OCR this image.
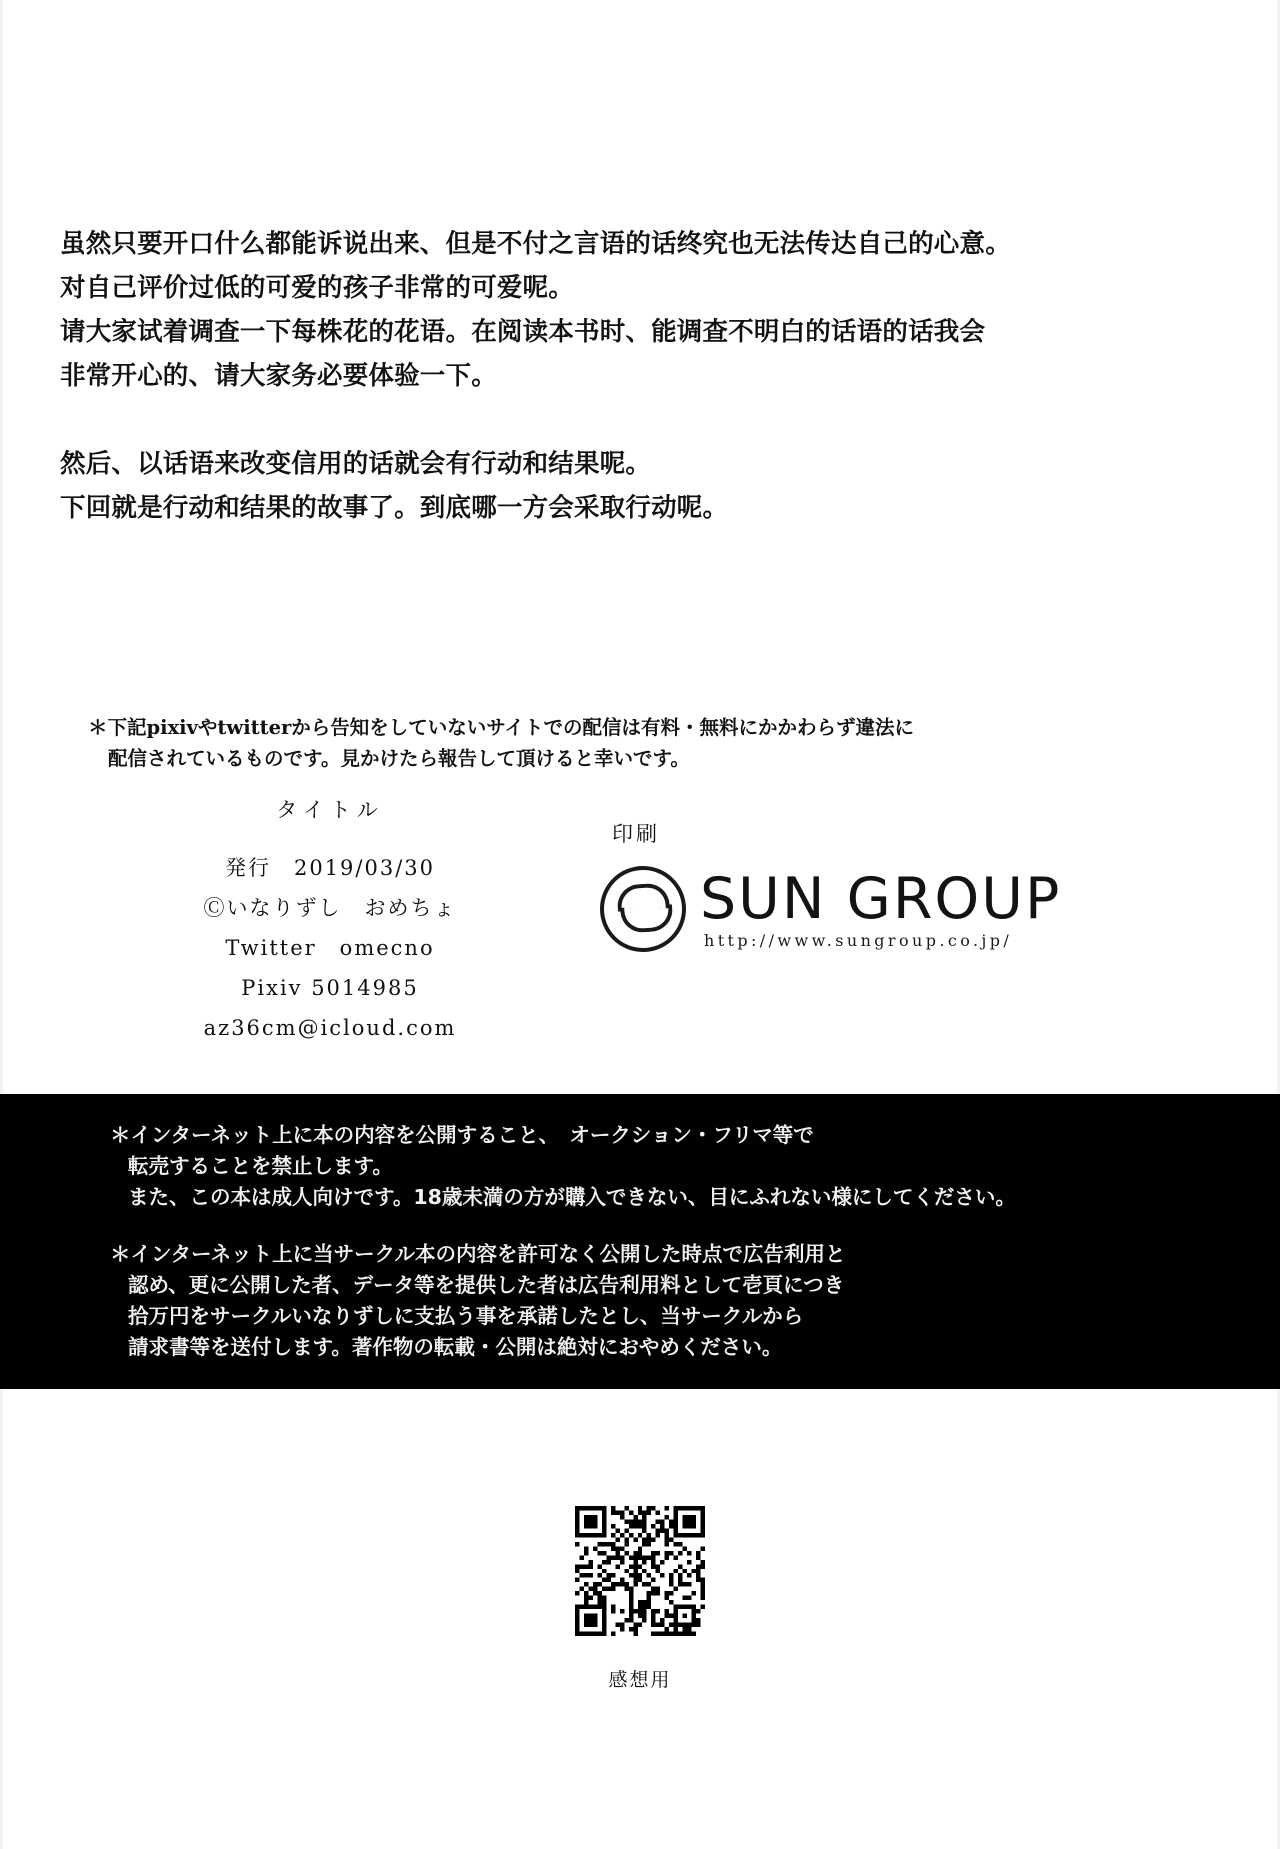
虽然只要开口什么都能诉说出来、但是不付之言语的话终究也无法传达自己的心意。

对自己评价过低的可爱的孩子非常的可爱呢。

请大家试着调查一下每株花的花语。在阅读本书时、能调查不明白的话语的话我会

非常开心的、请大家务必要体验一下。

然后、以话语来改变信用的话就会有行动和结果呢。

下回就是行动和结果的故事了。到底哪一方会采取行动呢。

＊下記pixivやtwitterから告知をしていないサイトでの配信は有料・無料にかかわらず違法に

配信されているものです。見かけたら報告して頂けると幸いです。

タイトル
発行　2019/03/30
Ⓒいなりずし　おめちょ
Twitter　omecno
Pixiv 5014985
az36cm@icloud.com
印刷
SUN GROUP
http://www.sungroup.co.jp/

＊インターネット上に本の内容を公開すること、　オークション・フリマ等で

転売することを禁止します。

また、この本は成人向けです。18歳未満の方が購入できない、目にふれない様にしてください。

＊インターネット上に当サークル本の内容を許可なく公開した時点で広告利用と

認め、更に公開した者、データ等を提供した者は広告利用料として壱頁につき

拾万円をサークルいなりずしに支払う事を承諾したとし、当サークルから

請求書等を送付します。著作物の転載・公開は絶対におやめください。

感想用
